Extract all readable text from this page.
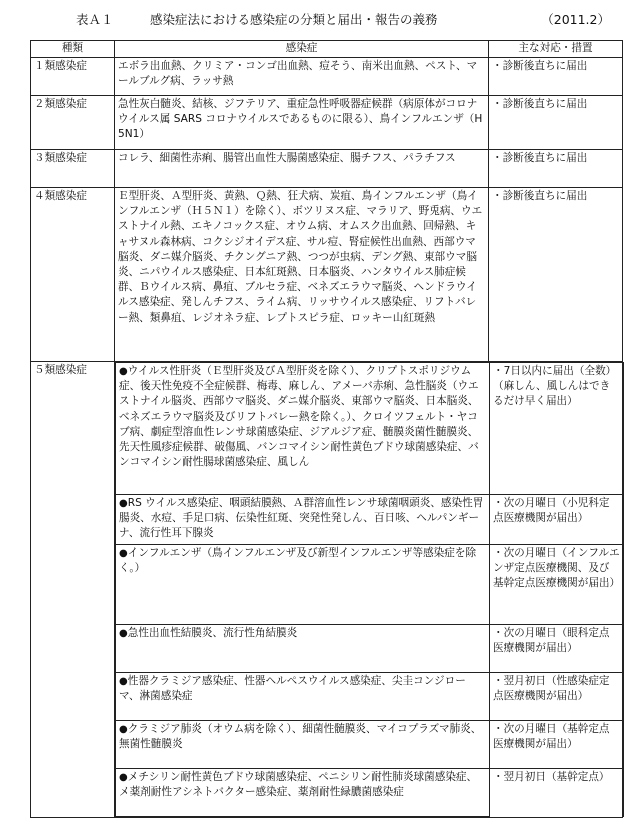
表Ａ１	感染症法における感染症の分類と届出・報告の義務	（2011.2）
種類	感染症	主な対応・措置
１類感染症	エボラ出血熱、クリミア・コンゴ出血熱、痘そう、南米出血熱、ペスト、マールブルグ病、ラッサ熱	・診断後直ちに届出
２類感染症	急性灰白髄炎、結核、ジフテリア、重症急性呼吸器症候群（病原体がコロナウイルス属 SARS コロナウイルスであるものに限る）、鳥インフルエンザ（H5N1）	・診断後直ちに届出
３類感染症	コレラ、細菌性赤痢、腸管出血性大腸菌感染症、腸チフス、パラチフス	・診断後直ちに届出
４類感染症	Ｅ型肝炎、Ａ型肝炎、黄熱、Ｑ熱、狂犬病、炭疽、鳥インフルエンザ（鳥インフルエンザ（Ｈ５Ｎ１）を除く）、ボツリヌス症、マラリア、野兎病、ウエストナイル熱、エキノコックス症、オウム病、オムスク出血熱、回帰熱、キャサヌル森林病、コクシジオイデス症、サル痘、腎症候性出血熱、西部ウマ脳炎、ダニ媒介脳炎、チクングニア熱、つつが虫病、デング熱、東部ウマ脳炎、ニパウイルス感染症、日本紅斑熱、日本脳炎、ハンタウイルス肺症候群、Ｂウイルス病、鼻疽、ブルセラ症、ベネズエラウマ脳炎、ヘンドラウイルス感染症、発しんチフス、ライム病、リッサウイルス感染症、リフトバレー熱、類鼻疽、レジオネラ症、レプトスピラ症、ロッキー山紅斑熱	・診断後直ちに届出
５類感染症		●ウイルス性肝炎（Ｅ型肝炎及びＡ型肝炎を除く）、クリプトスポリジウム症、後天性免疫不全症候群、梅毒、麻しん、アメーバ赤痢、急性脳炎（ウエストナイル脳炎、西部ウマ脳炎、ダニ媒介脳炎、東部ウマ脳炎、日本脳炎、ベネズエラウマ脳炎及びリフトバレー熱を除く。）、クロイツフェルト・ヤコブ病、劇症型溶血性レンサ球菌感染症、ジアルジア症、髄膜炎菌性髄膜炎、先天性風疹症候群、破傷風、バンコマイシン耐性黄色ブドウ球菌感染症、バンコマイシン耐性腸球菌感染症、風しん	・7日以内に届出（全数）（麻しん、風しんはできるだけ早く届出）
●RS ウイルス感染症、咽頭結膜熱、Ａ群溶血性レンサ球菌咽頭炎、感染性胃腸炎、水痘、手足口病、伝染性紅斑、突発性発しん、百日咳、ヘルパンギーナ、流行性耳下腺炎	・次の月曜日（小児科定点医療機関が届出）
●インフルエンザ（鳥インフルエンザ及び新型インフルエンザ等感染症を除く。）	・次の月曜日（インフルエンザ定点医療機関、及び基幹定点医療機関が届出）
●急性出血性結膜炎、流行性角結膜炎	・次の月曜日（眼科定点医療機関が届出）
●性器クラミジア感染症、性器ヘルペスウイルス感染症、尖圭コンジローマ、淋菌感染症	・翌月初日（性感染症定点医療機関が届出）
●クラミジア肺炎（オウム病を除く）、細菌性髄膜炎、マイコプラズマ肺炎、無菌性髄膜炎	・次の月曜日（基幹定点医療機関が届出）
●メチシリン耐性黄色ブドウ球菌感染症、ペニシリン耐性肺炎球菌感染症、メ薬剤耐性アシネトバクター感染症、薬剤耐性緑膿菌感染症	・翌月初日（基幹定点）
